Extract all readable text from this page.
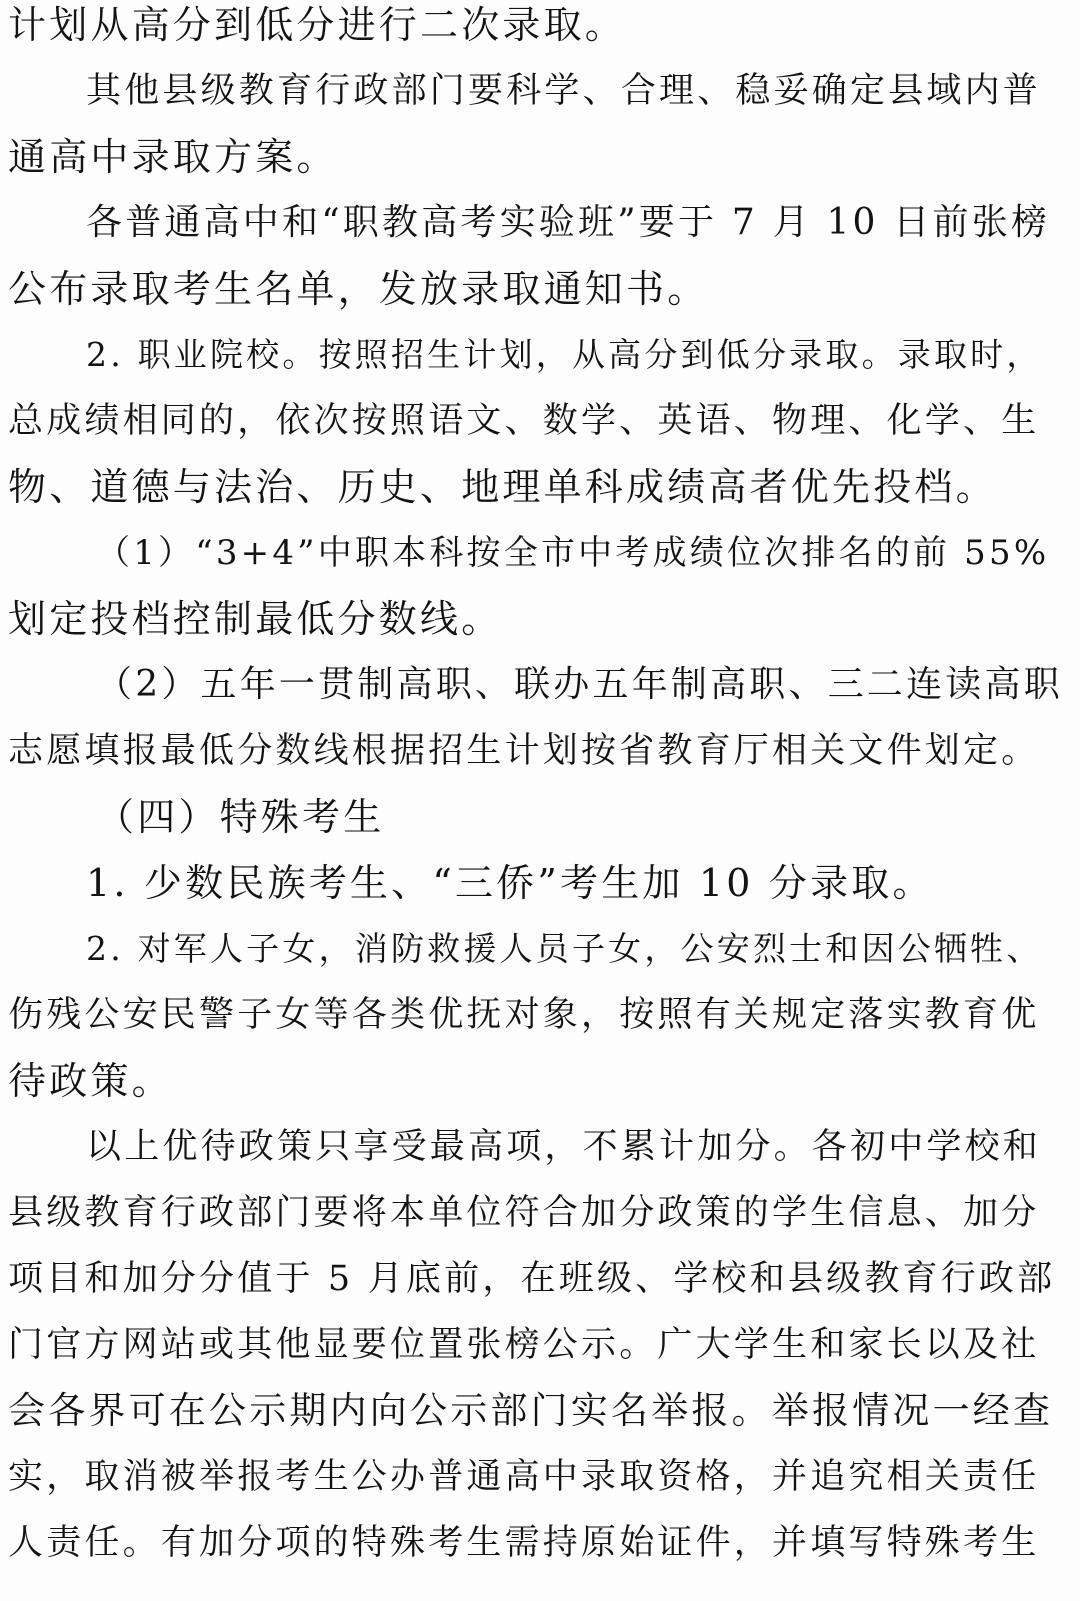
计划从高分到低分进行二次录取。
其他县级教育行政部门要科学、合理、稳妥确定县域内普
通高中录取方案。
各普通高中和“职教高考实验班”要于 7 月 10 日前张榜
公布录取考生名单，发放录取通知书。
2. 职业院校。按照招生计划，从高分到低分录取。录取时，
总成绩相同的，依次按照语文、数学、英语、物理、化学、生
物、道德与法治、历史、地理单科成绩高者优先投档。
（1）“3+4”中职本科按全市中考成绩位次排名的前 55%
划定投档控制最低分数线。
（2）五年一贯制高职、联办五年制高职、三二连读高职
志愿填报最低分数线根据招生计划按省教育厅相关文件划定。
（四）特殊考生
1. 少数民族考生、“三侨”考生加 10 分录取。
2. 对军人子女，消防救援人员子女，公安烈士和因公牺牲、
伤残公安民警子女等各类优抚对象，按照有关规定落实教育优
待政策。
以上优待政策只享受最高项，不累计加分。各初中学校和
县级教育行政部门要将本单位符合加分政策的学生信息、加分
项目和加分分值于 5 月底前，在班级、学校和县级教育行政部
门官方网站或其他显要位置张榜公示。广大学生和家长以及社
会各界可在公示期内向公示部门实名举报。举报情况一经查
实，取消被举报考生公办普通高中录取资格，并追究相关责任
人责任。有加分项的特殊考生需持原始证件，并填写特殊考生
